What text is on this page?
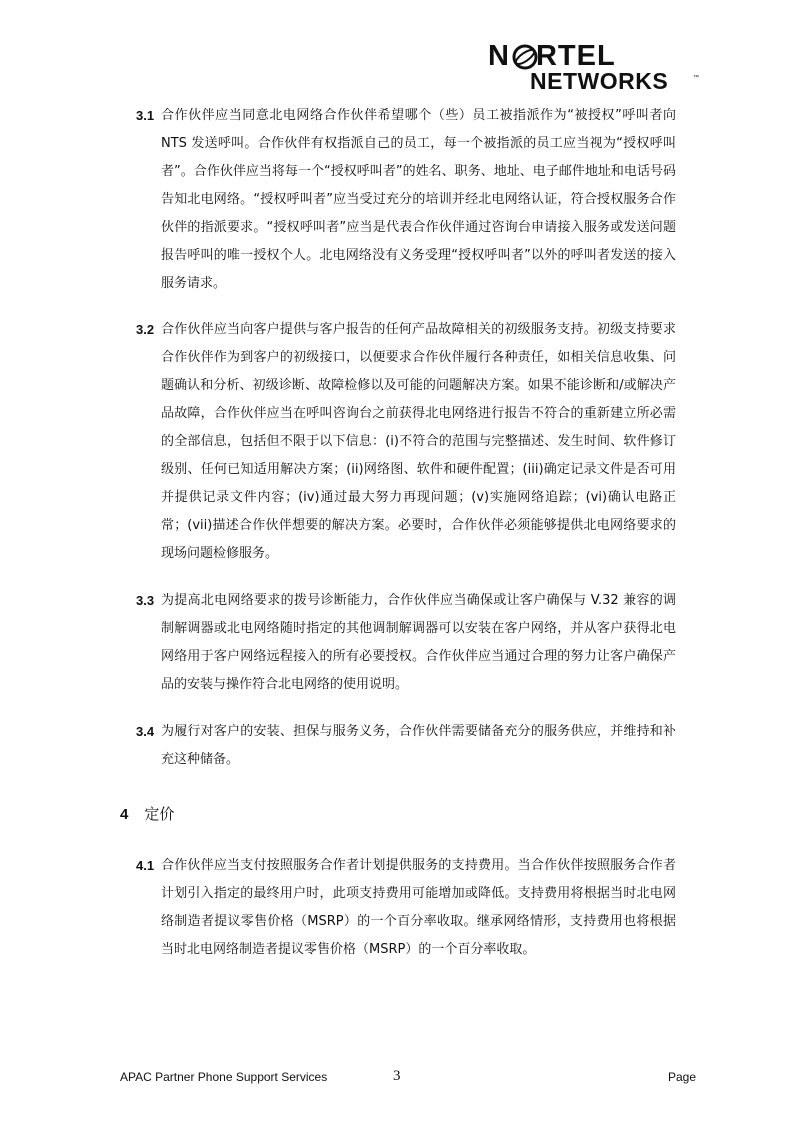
N RTEL
NETWORKS	™
3.1 合作伙伴应当同意北电网络合作伙伴希望哪个（些）员工被指派作为“被授权”呼叫者向 NTS 发送呼叫。合作伙伴有权指派自己的员工，每一个被指派的员工应当视为“授权呼叫者”。合作伙伴应当将每一个“授权呼叫者”的姓名、职务、地址、电子邮件地址和电话号码告知北电网络。“授权呼叫者”应当受过充分的培训并经北电网络认证，符合授权服务合作伙伴的指派要求。“授权呼叫者”应当是代表合作伙伴通过咨询台申请接入服务或发送问题报告呼叫的唯一授权个人。北电网络没有义务受理“授权呼叫者”以外的呼叫者发送的接入服务请求。
3.2 合作伙伴应当向客户提供与客户报告的任何产品故障相关的初级服务支持。初级支持要求合作伙伴作为到客户的初级接口，以便要求合作伙伴履行各种责任，如相关信息收集、问题确认和分析、初级诊断、故障检修以及可能的问题解决方案。如果不能诊断和/或解决产品故障，合作伙伴应当在呼叫咨询台之前获得北电网络进行报告不符合的重新建立所必需的全部信息，包括但不限于以下信息：(i)不符合的范围与完整描述、发生时间、软件修订级别、任何已知适用解决方案；(ii)网络图、软件和硬件配置；(iii)确定记录文件是否可用并提供记录文件内容；(iv)通过最大努力再现问题；(v)实施网络追踪；(vi)确认电路正常；(vii)描述合作伙伴想要的解决方案。必要时，合作伙伴必须能够提供北电网络要求的现场问题检修服务。
3.3 为提高北电网络要求的拨号诊断能力，合作伙伴应当确保或让客户确保与 V.32 兼容的调制解调器或北电网络随时指定的其他调制解调器可以安装在客户网络，并从客户获得北电网络用于客户网络远程接入的所有必要授权。合作伙伴应当通过合理的努力让客户确保产品的安装与操作符合北电网络的使用说明。
3.4 为履行对客户的安装、担保与服务义务，合作伙伴需要储备充分的服务供应，并维持和补充这种储备。
4 定价
4.1 合作伙伴应当支付按照服务合作者计划提供服务的支持费用。当合作伙伴按照服务合作者计划引入指定的最终用户时，此项支持费用可能增加或降低。支持费用将根据当时北电网络制造者提议零售价格（MSRP）的一个百分率收取。继承网络情形，支持费用也将根据当时北电网络制造者提议零售价格（MSRP）的一个百分率收取。
APAC Partner Phone Support Services	3	Page
